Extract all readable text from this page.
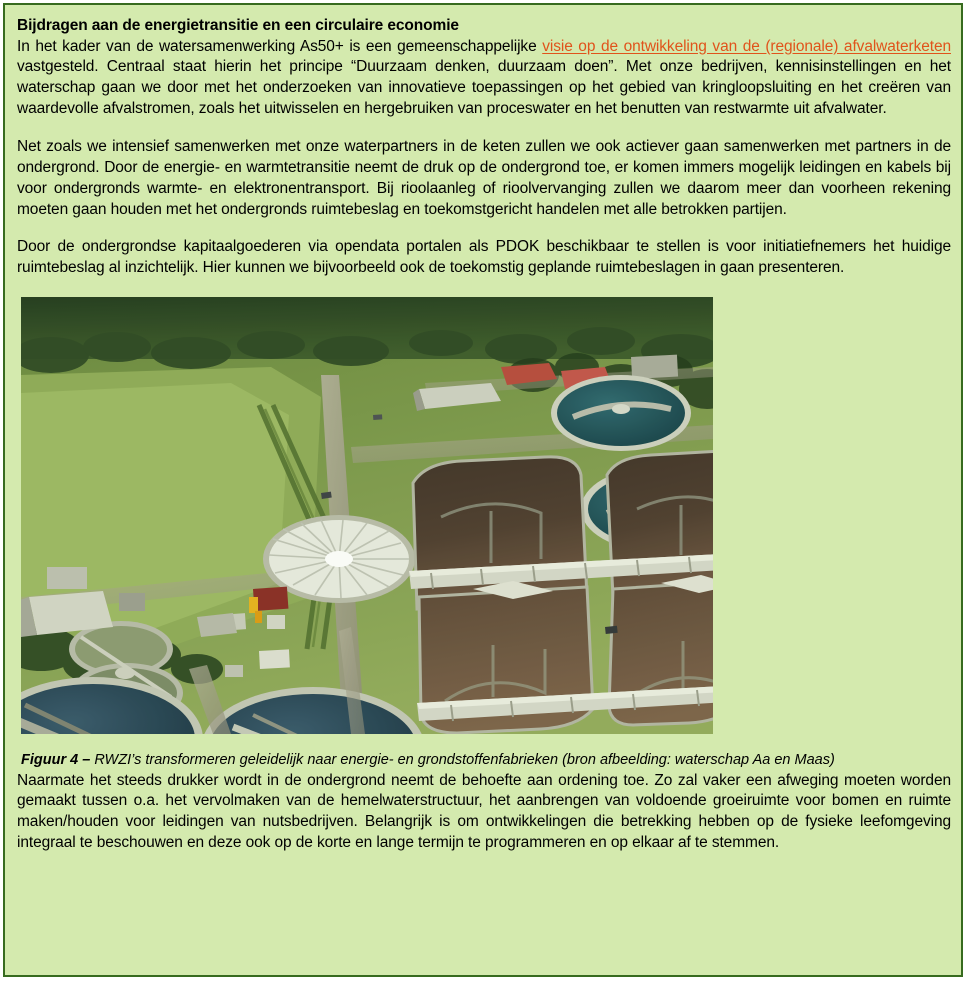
Bijdragen aan de energietransitie en een circulaire economie

In het kader van de watersamenwerking As50+ is een gemeenschappelijke visie op de ontwikkeling van de (regionale) afvalwaterketen vastgesteld. Centraal staat hierin het principe “Duurzaam denken, duurzaam doen”. Met onze bedrijven, kennisinstellingen en het waterschap gaan we door met het onderzoeken van innovatieve toepassingen op het gebied van kringloopsluiting en het creëren van waardevolle afvalstromen, zoals het uitwisselen en hergebruiken van proceswater en het benutten van restwarmte uit afvalwater.

Net zoals we intensief samenwerken met onze waterpartners in de keten zullen we ook actiever gaan samenwerken met partners in de ondergrond. Door de energie- en warmtetransitie neemt de druk op de ondergrond toe, er komen immers mogelijk leidingen en kabels bij voor ondergronds warmte- en elektronentransport. Bij rioolaanleg of rioolvervanging zullen we daarom meer dan voorheen rekening moeten gaan houden met het ondergronds ruimtebeslag en toekomstgericht handelen met alle betrokken partijen.

Door de ondergrondse kapitaalgoederen via opendata portalen als PDOK beschikbaar te stellen is voor initiatiefnemers het huidige ruimtebeslag al inzichtelijk. Hier kunnen we bijvoorbeeld ook de toekomstig geplande ruimtebeslagen in gaan presenteren.

Figuur 4 – RWZI’s transformeren geleidelijk naar energie- en grondstoffenfabrieken (bron afbeelding: waterschap Aa en Maas)

Naarmate het steeds drukker wordt in de ondergrond neemt de behoefte aan ordening toe. Zo zal vaker een afweging moeten worden gemaakt tussen o.a. het vervolmaken van de hemelwaterstructuur, het aanbrengen van voldoende groeiruimte voor bomen en ruimte maken/houden voor leidingen van nutsbedrijven. Belangrijk is om ontwikkelingen die betrekking hebben op de fysieke leefomgeving integraal te beschouwen en deze ook op de korte en lange termijn te programmeren en op elkaar af te stemmen.
